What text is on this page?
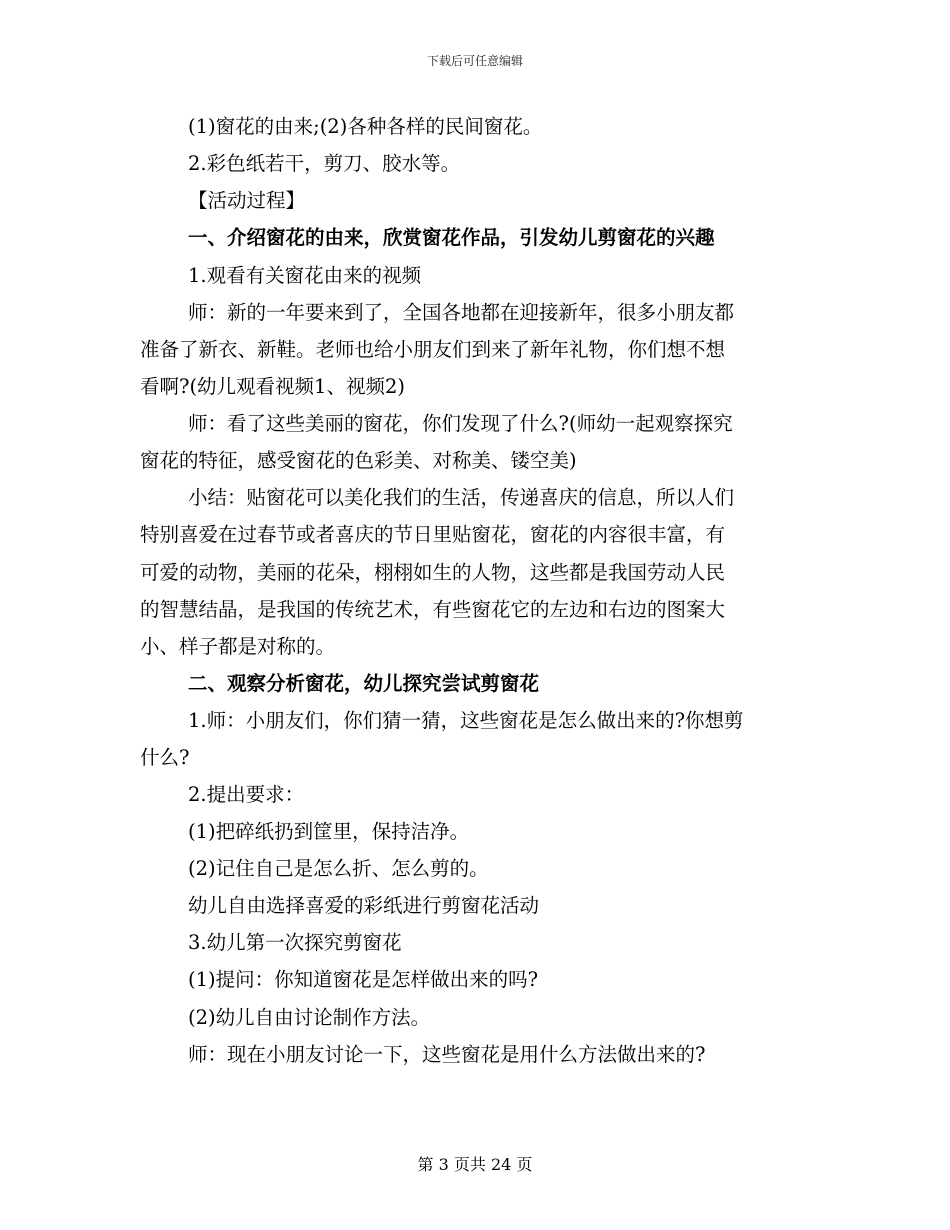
下载后可任意编辑
(1)窗花的由来;(2)各种各样的民间窗花。
2.彩色纸若干，剪刀、胶水等。
【活动过程】
一、介绍窗花的由来，欣赏窗花作品，引发幼儿剪窗花的兴趣
1.观看有关窗花由来的视频
师：新的一年要来到了，全国各地都在迎接新年，很多小朋友都
准备了新衣、新鞋。老师也给小朋友们到来了新年礼物，你们想不想
看啊?(幼儿观看视频1、视频2)
师：看了这些美丽的窗花，你们发现了什么?(师幼一起观察探究
窗花的特征，感受窗花的色彩美、对称美、镂空美)
小结：贴窗花可以美化我们的生活，传递喜庆的信息，所以人们
特别喜爱在过春节或者喜庆的节日里贴窗花，窗花的内容很丰富，有
可爱的动物，美丽的花朵，栩栩如生的人物，这些都是我国劳动人民
的智慧结晶，是我国的传统艺术，有些窗花它的左边和右边的图案大
小、样子都是对称的。
二、观察分析窗花，幼儿探究尝试剪窗花
1.师：小朋友们，你们猜一猜，这些窗花是怎么做出来的?你想剪
什么?
2.提出要求：
(1)把碎纸扔到筐里，保持洁净。
(2)记住自己是怎么折、怎么剪的。
幼儿自由选择喜爱的彩纸进行剪窗花活动
3.幼儿第一次探究剪窗花
(1)提问：你知道窗花是怎样做出来的吗?
(2)幼儿自由讨论制作方法。
师：现在小朋友讨论一下，这些窗花是用什么方法做出来的?
第 3 页共 24 页
